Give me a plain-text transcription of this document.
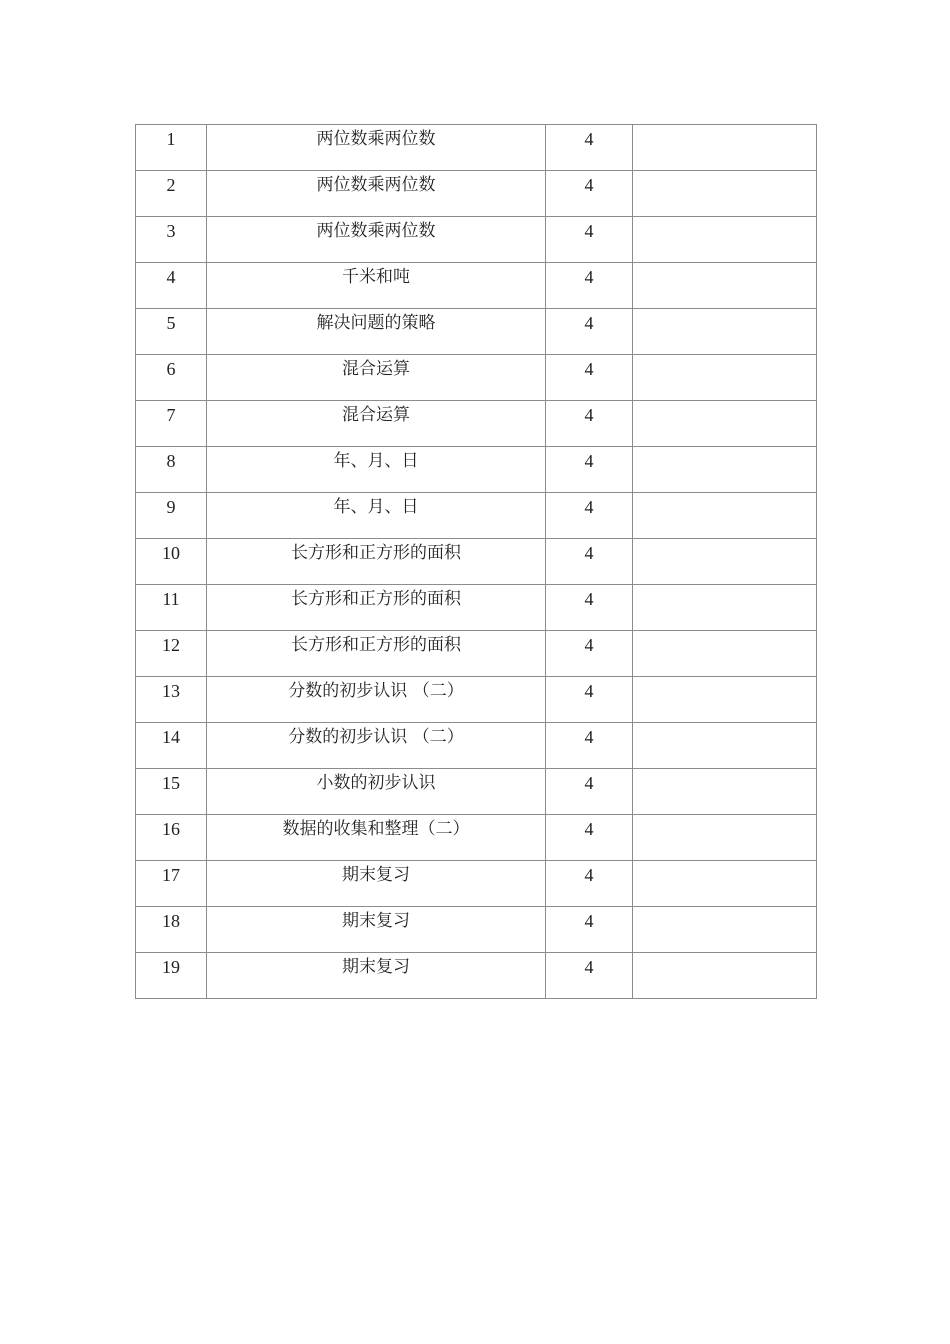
1	两位数乘两位数	4	

2	两位数乘两位数	4	

3	两位数乘两位数	4	

4	千米和吨	4	

5	解决问题的策略	4	

6	混合运算	4	

7	混合运算	4	

8	年、月、日	4	

9	年、月、日	4	

10	长方形和正方形的面积	4	

11	长方形和正方形的面积	4	

12	长方形和正方形的面积	4	

13	分数的初步认识 （二）	4	

14	分数的初步认识 （二）	4	

15	小数的初步认识	4	

16	数据的收集和整理（二）	4	

17	期末复习	4	

18	期末复习	4	

19	期末复习	4	
